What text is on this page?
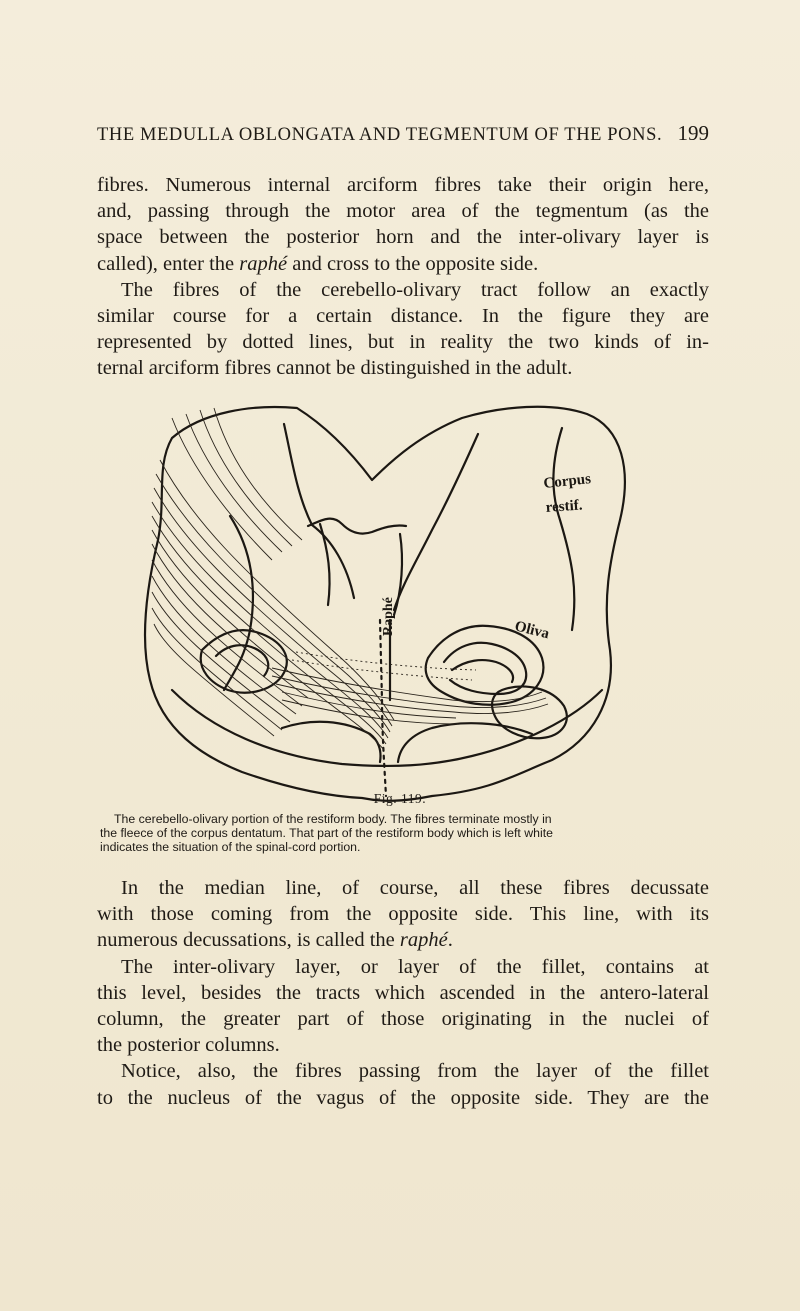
THE MEDULLA OBLONGATA AND TEGMENTUM OF THE PONS. 199
fibres. Numerous internal arciform fibres take their origin here,
and, passing through the motor area of the tegmentum (as the
space between the posterior horn and the inter-olivary layer is
called), enter the raphé and cross to the opposite side.
The fibres of the cerebello-olivary tract follow an exactly
similar course for a certain distance. In the figure they are
represented by dotted lines, but in reality the two kinds of in-
ternal arciform fibres cannot be distinguished in the adult.
Corpus
restif.
Raphé	Oliva
Fig. 119.
The cerebello-olivary portion of the restiform body. The fibres terminate mostly in
the fleece of the corpus dentatum. That part of the restiform body which is left white
indicates the situation of the spinal-cord portion.
In the median line, of course, all these fibres decussate
with those coming from the opposite side. This line, with its
numerous decussations, is called the raphé.
The inter-olivary layer, or layer of the fillet, contains at
this level, besides the tracts which ascended in the antero-lateral
column, the greater part of those originating in the nuclei of
the posterior columns.
Notice, also, the fibres passing from the layer of the fillet
to the nucleus of the vagus of the opposite side. They are the
